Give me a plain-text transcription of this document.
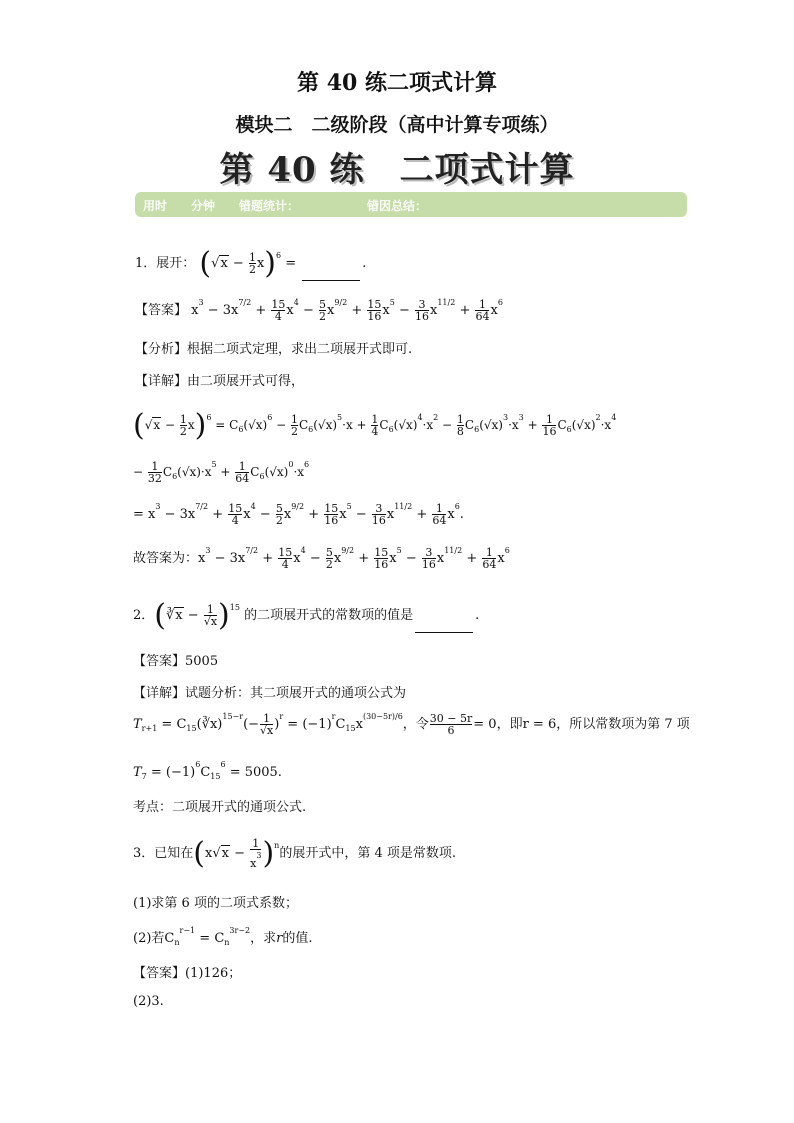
第 40 练二项式计算
模块二　二级阶段（高中计算专项练）
第 40 练　二项式计算
用时 分钟 错题统计：	错因总结：
1．展开： $(√x - \frac{1}{2} x)^6$ =	.
【答案】 $x^3 - 3x^{7/2} + \frac{15}{4} x^4 - \frac{5}{2} x^{9/2} + \frac{15}{16} x^5 - \frac{3}{16} x^{11/2} + \frac{1}{64} x^6$
【分析】根据二项式定理，求出二项展开式即可.
【详解】由二项展开式可得，
$(√x - \frac{1}{2} x)^6 = C_6(√x)^6 - \frac{1}{2} C_6(√x)^5\cdot x + \frac{1}{4} C_6(√x)^4\cdot x^2 - \frac{1}{8} C_6(√x)^3\cdot x^3 + \frac{1}{16} C_6(√x)^2\cdot x^4$
− $\frac{1}{32} C_6(√x)\cdot x^5 + \frac{1}{64} C_6(√x)^0\cdot x^6$
= $x^3 - 3x^{7/2} + \frac{15}{4} x^4 - \frac{5}{2} x^{9/2} + \frac{15}{16} x^5 - \frac{3}{16} x^{11/2} + \frac{1}{64} x^6$.
故答案为：$x^3 - 3x^{7/2} + \frac{15}{4} x^4 - \frac{5}{2} x^{9/2} + \frac{15}{16} x^5 - \frac{3}{16} x^{11/2} + \frac{1}{64} x^6$
2．(∛x − $\frac{1}{√x} )^{15}$ 的二项展开式的常数项的值是	.
【答案】5005
【详解】试题分析：其二项展开式的通项公式为
$T_{r+1}$ = $C_{15}(∛x)^{15-r}(- \frac{1}{√x} )^r = (-1)^rC_{15}x^{(30-5r)/6}$，令 $\frac{30 - 5r}{6} = 0$，即r = 6，所以常数项为第 7 项
$T_7 = (-1)^6C_{15}^6 = 5005$.
考点：二项展开式的通项公式.
3．已知在$(x√x - \frac{1}{x^3} )^n$的展开式中，第 4 项是常数项.
(1)求第 6 项的二项式系数；
(2)若$C_n^{r-1} = C_n^{3r-2}$，求r的值.
【答案】(1)126；
(2)3.
